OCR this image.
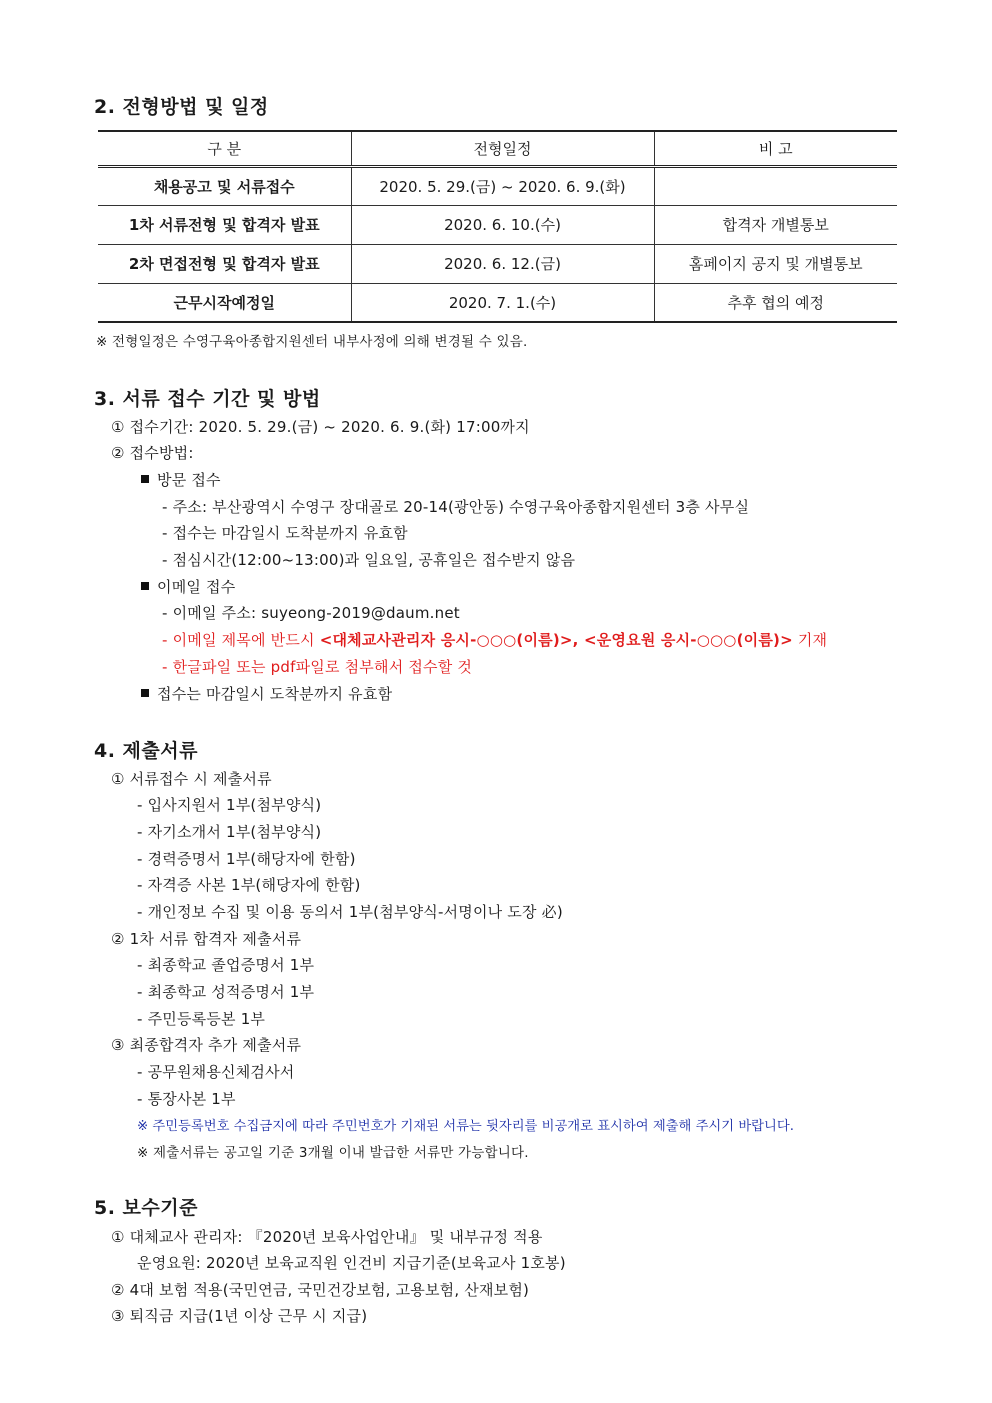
2. 전형방법 및 일정
구 분	전형일정	비 고
채용공고 및 서류접수	2020. 5. 29.(금) ~ 2020. 6. 9.(화)	
1차 서류전형 및 합격자 발표	2020. 6. 10.(수)	합격자 개별통보
2차 면접전형 및 합격자 발표	2020. 6. 12.(금)	홈페이지 공지 및 개별통보
근무시작예정일	2020. 7. 1.(수)	추후 협의 예정
※ 전형일정은 수영구육아종합지원센터 내부사정에 의해 변경될 수 있음.
3. 서류 접수 기간 및 방법
① 접수기간: 2020. 5. 29.(금) ~ 2020. 6. 9.(화) 17:00까지
② 접수방법:
방문 접수
- 주소: 부산광역시 수영구 장대골로 20-14(광안동) 수영구육아종합지원센터 3층 사무실
- 접수는 마감일시 도착분까지 유효함
- 점심시간(12:00~13:00)과 일요일, 공휴일은 접수받지 않음
이메일 접수
- 이메일 주소: suyeong-2019@daum.net
- 이메일 제목에 반드시 <대체교사관리자 응시-○○○(이름)>, <운영요원 응시-○○○(이름)> 기재
- 한글파일 또는 pdf파일로 첨부해서 접수할 것
접수는 마감일시 도착분까지 유효함
4. 제출서류
① 서류접수 시 제출서류
- 입사지원서 1부(첨부양식)
- 자기소개서 1부(첨부양식)
- 경력증명서 1부(해당자에 한함)
- 자격증 사본 1부(해당자에 한함)
- 개인정보 수집 및 이용 동의서 1부(첨부양식-서명이나 도장 必)
② 1차 서류 합격자 제출서류
- 최종학교 졸업증명서 1부
- 최종학교 성적증명서 1부
- 주민등록등본 1부
③ 최종합격자 추가 제출서류
- 공무원채용신체검사서
- 통장사본 1부
※ 주민등록번호 수집금지에 따라 주민번호가 기재된 서류는 뒷자리를 비공개로 표시하여 제출해 주시기 바랍니다.
※ 제출서류는 공고일 기준 3개월 이내 발급한 서류만 가능합니다.
5. 보수기준
① 대체교사 관리자: 『2020년 보육사업안내』 및 내부규정 적용
운영요원: 2020년 보육교직원 인건비 지급기준(보육교사 1호봉)
② 4대 보험 적용(국민연금, 국민건강보험, 고용보험, 산재보험)
③ 퇴직금 지급(1년 이상 근무 시 지급)
